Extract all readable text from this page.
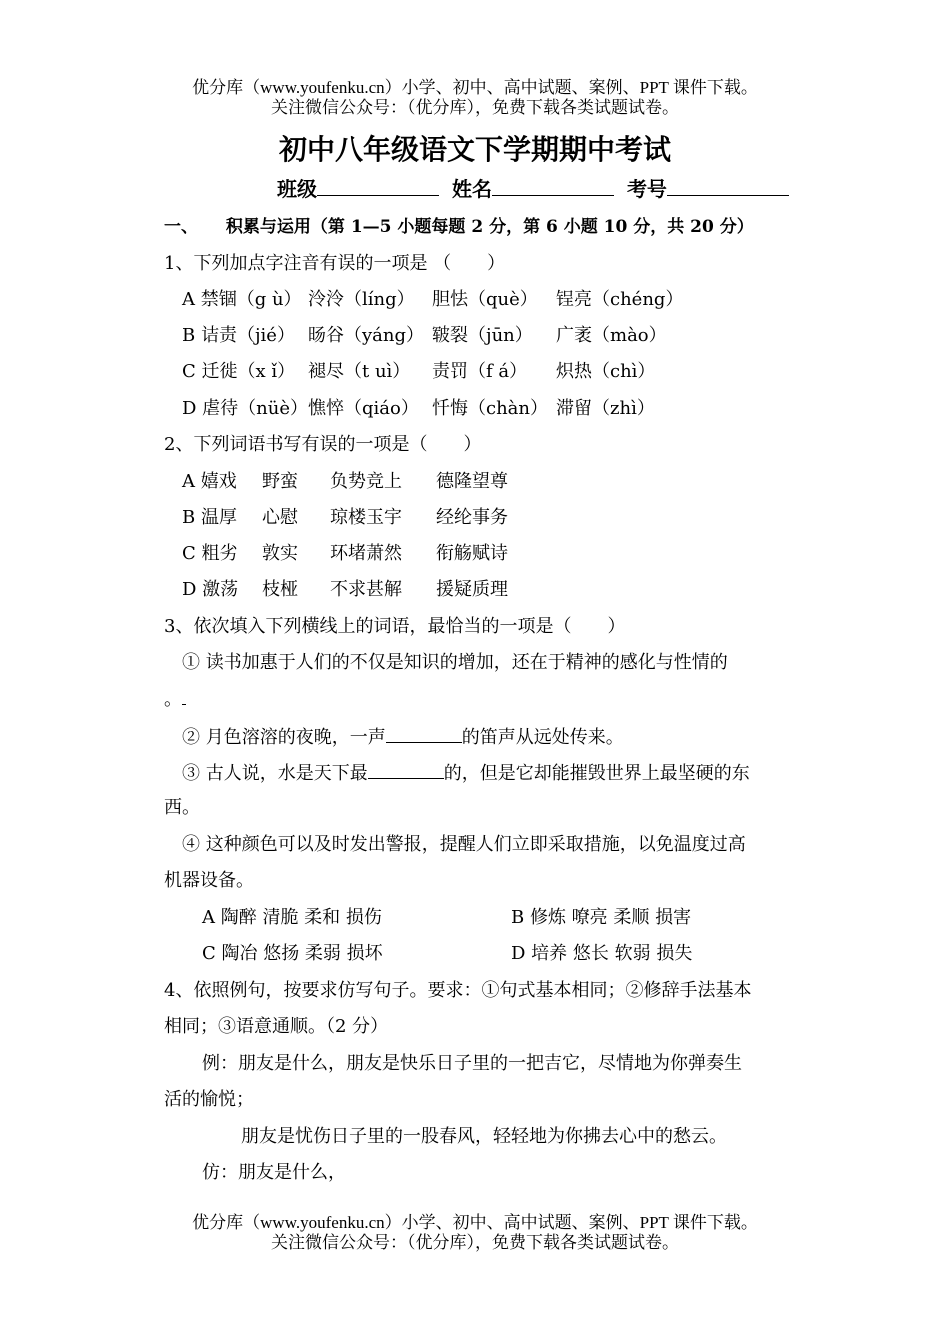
优分库（www.youfenku.cn）小学、初中、高中试题、案例、PPT 课件下载。
关注微信公众号：（优分库），免费下载各类试题试卷。
初中八年级语文下学期期中考试
班级	姓名	考号
一、 积累与运用（第 1—5 小题每题 2 分，第 6 小题 10 分，共 20 分）
1、下列加点字注音有误的一项是 （　　）
A 禁锢（g ù） 泠泠（líng） 胆怯（què） 锃亮（chéng）
B 诘责（jié） 旸谷（yáng） 皲裂（jūn） 广袤（mào）
C 迁徙（x ǐ） 褪尽（t uì） 责罚（f á） 炽热（chì）
D 虐待（nüè）憔悴（qiáo） 忏悔（chàn） 滞留（zhì）
2、下列词语书写有误的一项是（　　）
A 嬉戏 野蛮 负势竞上 德隆望尊
B 温厚 心慰 琼楼玉宇 经纶事务
C 粗劣 敦实 环堵萧然 衔觞赋诗
D 激荡 枝桠 不求甚解 援疑质理
3、依次填入下列横线上的词语，最恰当的一项是（　　）
① 读书加惠于人们的不仅是知识的增加，还在于精神的感化与性情的
。
② 月色溶溶的夜晚，一声	的笛声从远处传来。
③ 古人说，水是天下最	的，但是它却能摧毁世界上最坚硬的东
西。
④ 这种颜色可以及时发出警报，提醒人们立即采取措施，以免温度过高
机器设备。
A 陶醉 清脆 柔和 损伤	B 修炼 嘹亮 柔顺 损害
C 陶冶 悠扬 柔弱 损坏	D 培养 悠长 软弱 损失
4、依照例句，按要求仿写句子。要求：①句式基本相同；②修辞手法基本
相同；③语意通顺。（2 分）
例：朋友是什么，朋友是快乐日子里的一把吉它，尽情地为你弹奏生
活的愉悦；
朋友是忧伤日子里的一股春风，轻轻地为你拂去心中的愁云。
仿：朋友是什么，
优分库（www.youfenku.cn）小学、初中、高中试题、案例、PPT 课件下载。
关注微信公众号：（优分库），免费下载各类试题试卷。
